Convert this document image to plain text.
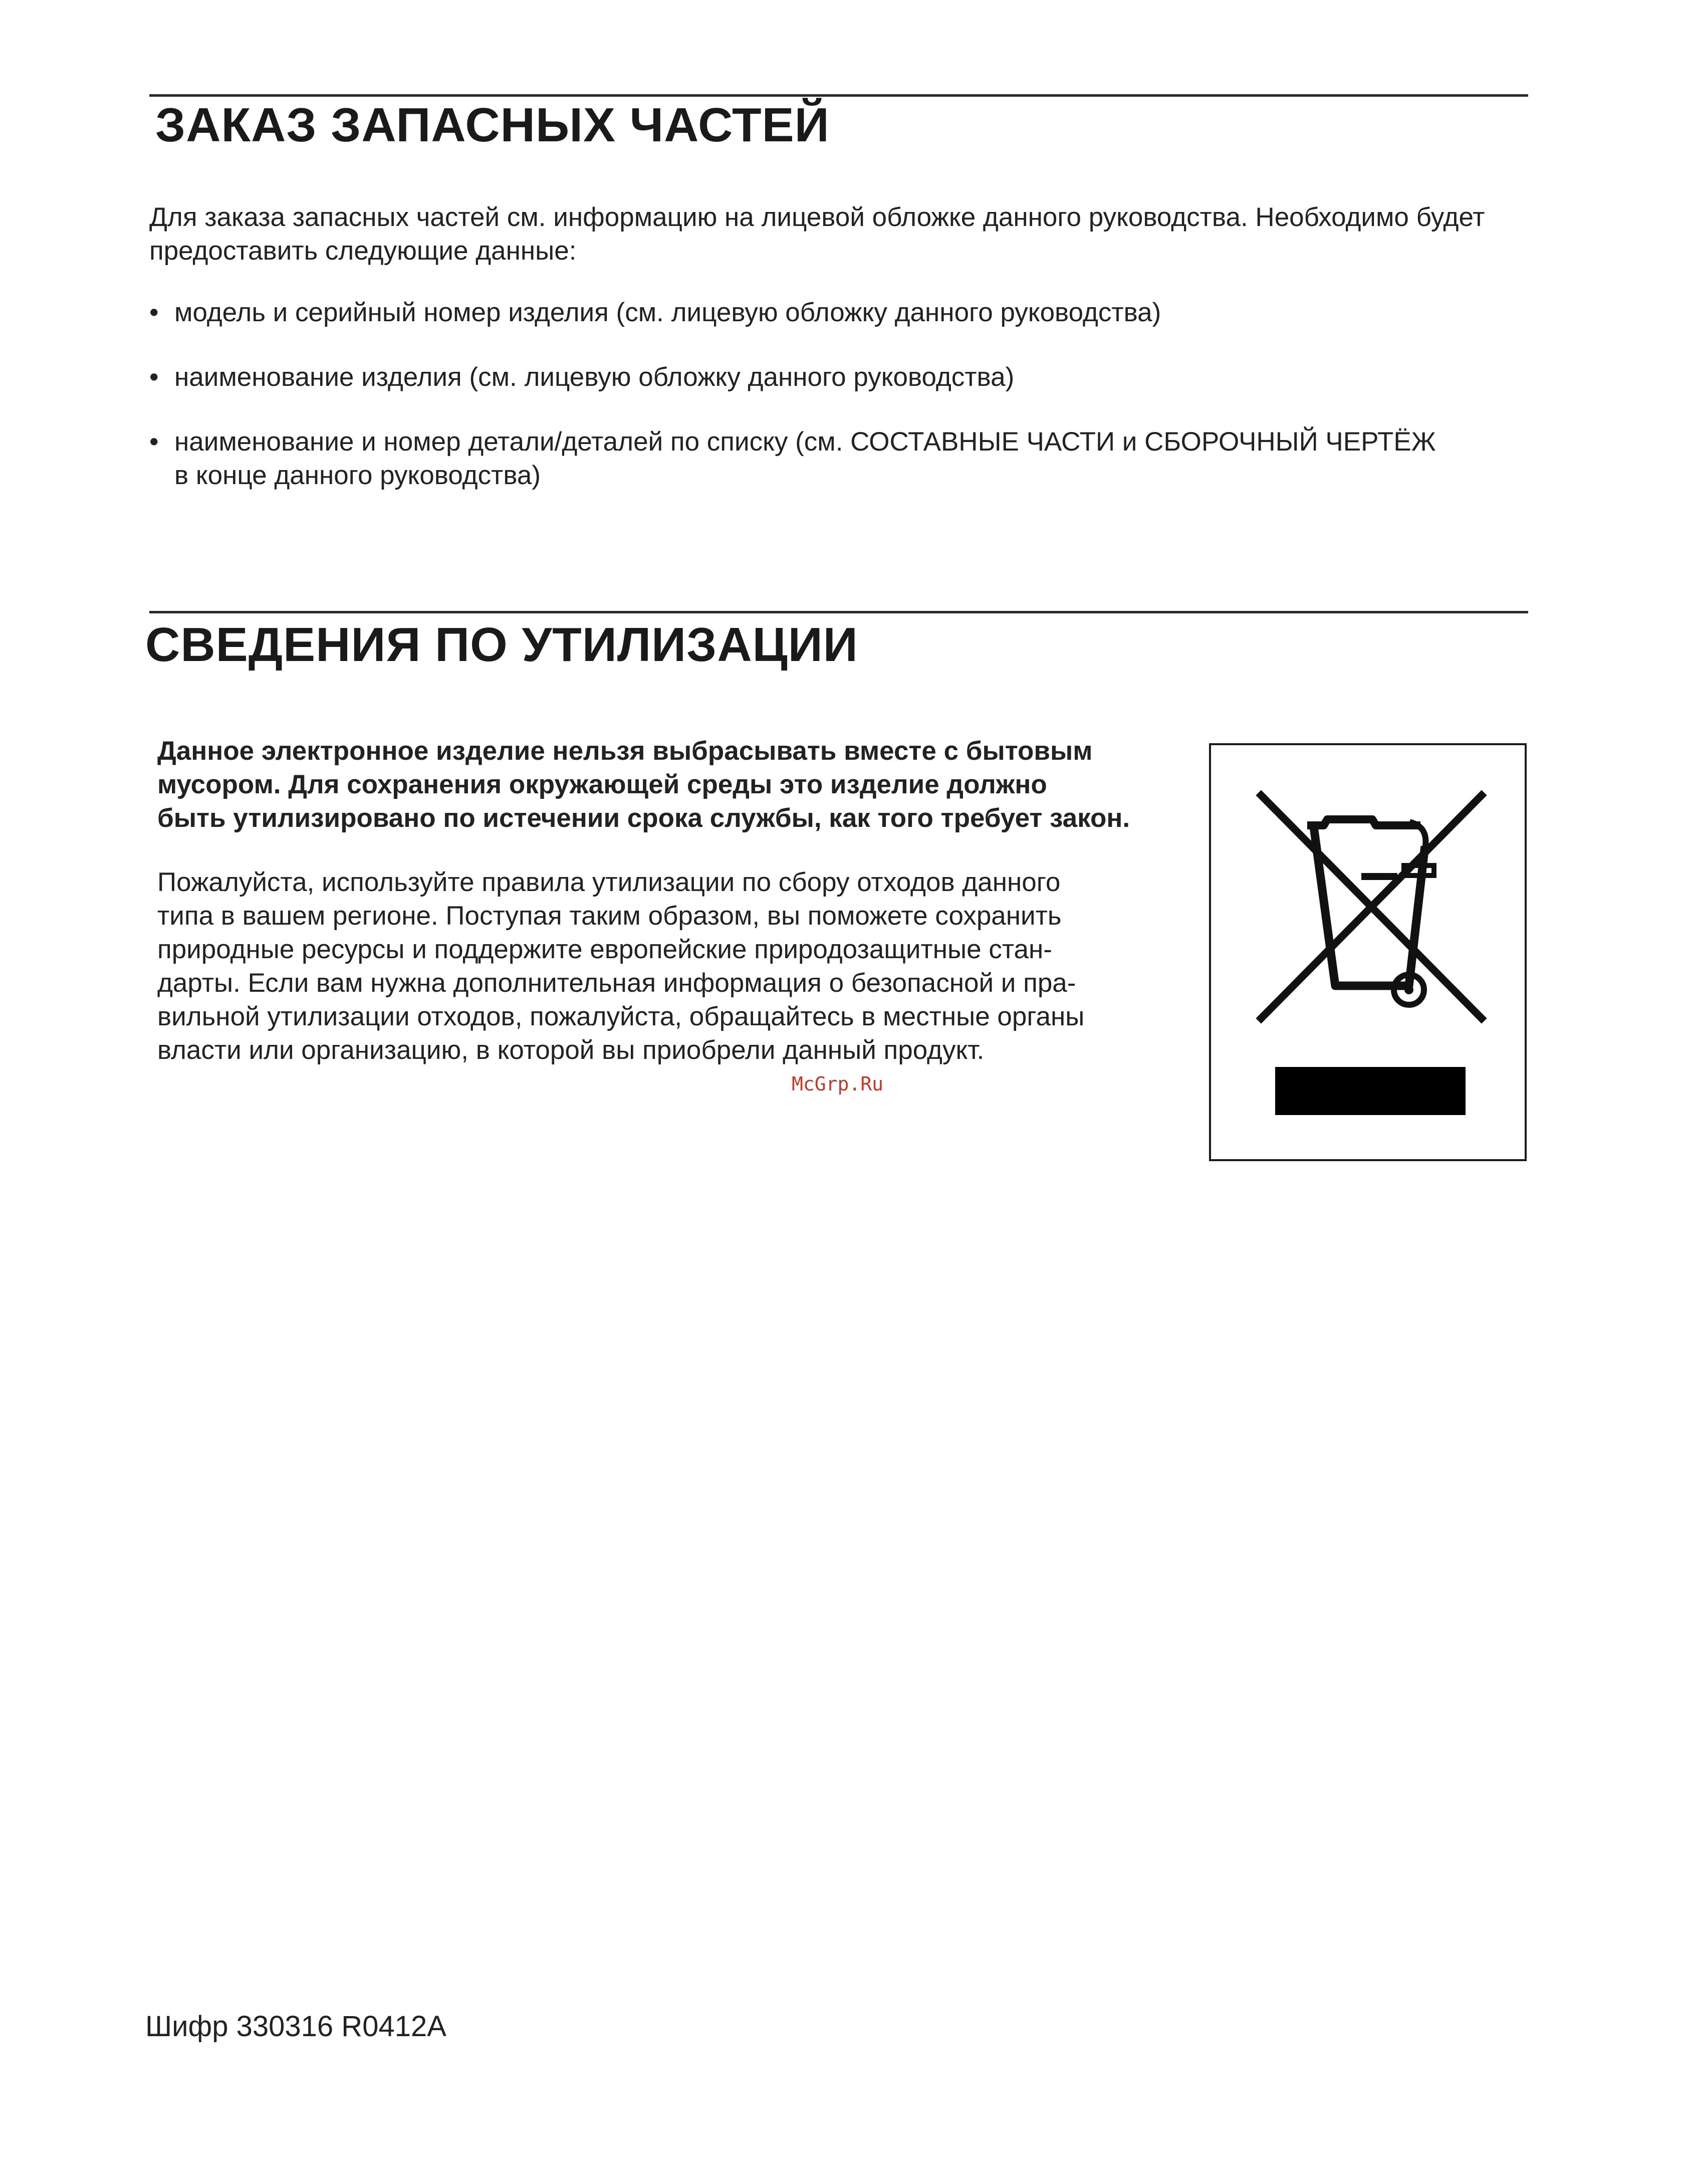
ЗАКАЗ ЗАПАСНЫХ ЧАСТЕЙ
Для заказа запасных частей см. информацию на лицевой обложке данного руководства. Необходимо будет
предоставить следующие данные:
• модель и серийный номер изделия (см. лицевую обложку данного руководства)
• наименование изделия (см. лицевую обложку данного руководства)
• наименование и номер детали/деталей по списку (см. СОСТАВНЫЕ ЧАСТИ и СБОРОЧНЫЙ ЧЕРТЁЖ
в конце данного руководства)
СВЕДЕНИЯ ПО УТИЛИЗАЦИИ
Данное электронное изделие нельзя выбрасывать вместе с бытовым
мусором. Для сохранения окружающей среды это изделие должно
быть утилизировано по истечении срока службы, как того требует закон.
Пожалуйста, используйте правила утилизации по сбору отходов данного
типа в вашем регионе. Поступая таким образом, вы поможете сохранить
природные ресурсы и поддержите европейские природозащитные стан-
дарты. Если вам нужна дополнительная информация о безопасной и пра-
вильной утилизации отходов, пожалуйста, обращайтесь в местные органы
власти или организацию, в которой вы приобрели данный продукт.
McGrp.Ru
Шифр 330316 R0412A
